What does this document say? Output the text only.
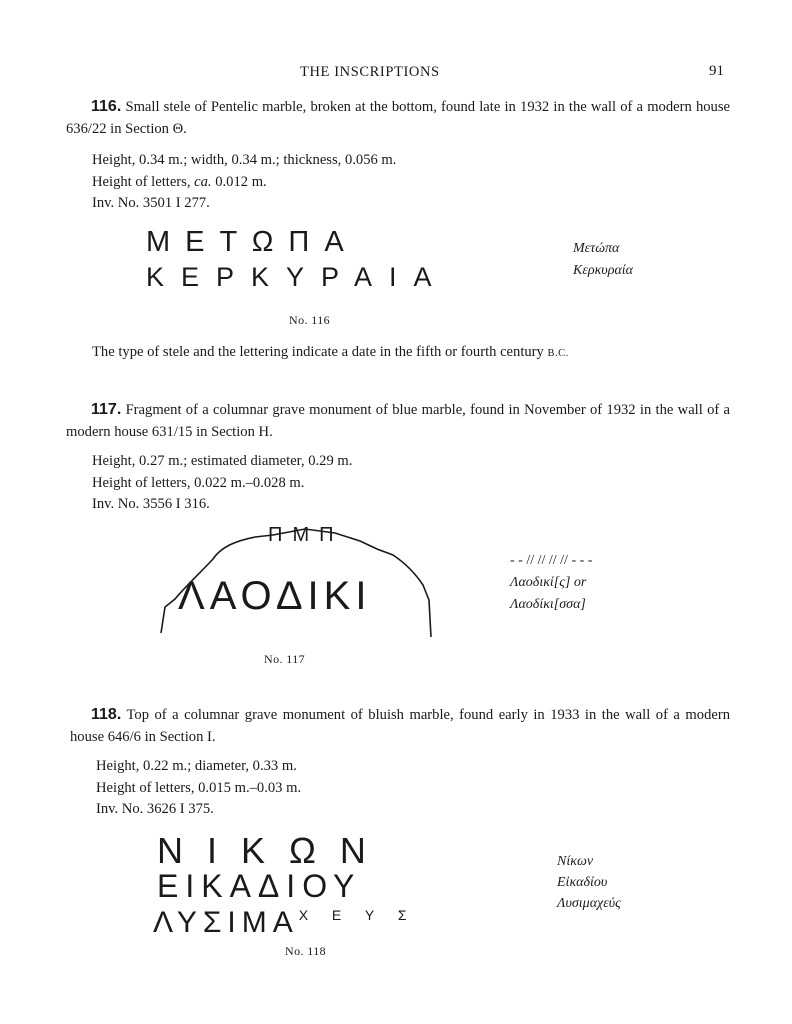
THE INSCRIPTIONS	91
116. Small stele of Pentelic marble, broken at the bottom, found late in 1932 in the wall of a modern house 636/22 in Section Θ.
Height, 0.34 m.; width, 0.34 m.; thickness, 0.056 m.
Height of letters, ca. 0.012 m.
Inv. No. 3501 I 277.
ΜΕΤΩΠΑ
ΚΕΡΚΥΡΑΙΑ
Μετώπα
Κερκυραία
No. 116
The type of stele and the lettering indicate a date in the fifth or fourth century B.C.
117. Fragment of a columnar grave monument of blue marble, found in November of 1932 in the wall of a modern house 631/15 in Section H.
Height, 0.27 m.; estimated diameter, 0.29 m.
Height of letters, 0.022 m.–0.028 m.
Inv. No. 3556 I 316.
ΠΜΠ
ΛΑΟΔΙΚΙ
- - // // // // - - -
Λαοδικί[ς] or
Λαοδίκι[σσα]
No. 117
118. Top of a columnar grave monument of bluish marble, found early in 1933 in the wall of a modern house 646/6 in Section I.
Height, 0.22 m.; diameter, 0.33 m.
Height of letters, 0.015 m.–0.03 m.
Inv. No. 3626 I 375.
ΝΙΚΩΝ
ΕΙΚΑΔΙΟΥ
$\Lambda\Upsilon\Sigma IMA^{X E \Upsilon \Sigma}$
Νίκων
Εἰκαδίου
Λυσιμαχεύς
No. 118
